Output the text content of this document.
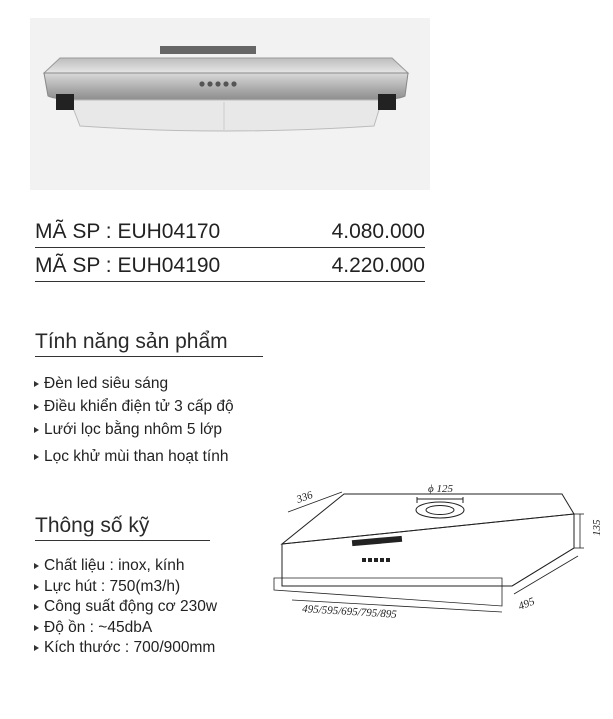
MÃ SP : EUH04170	4.080.000
MÃ SP : EUH04190	4.220.000
Tính năng sản phẩm
Đèn led siêu sáng
Điều khiển điện tử 3 cấp độ
Lưới lọc bằng nhôm 5 lớp
Lọc khử mùi than hoạt tính
Thông số kỹ
Chất liệu : inox, kính
Lực hút : 750(m3/h)
Công suất động cơ 230w
Độ ồn : ~45dbA
Kích thước : 700/900mm
336
ϕ 125
135
495/595/695/795/895	495
